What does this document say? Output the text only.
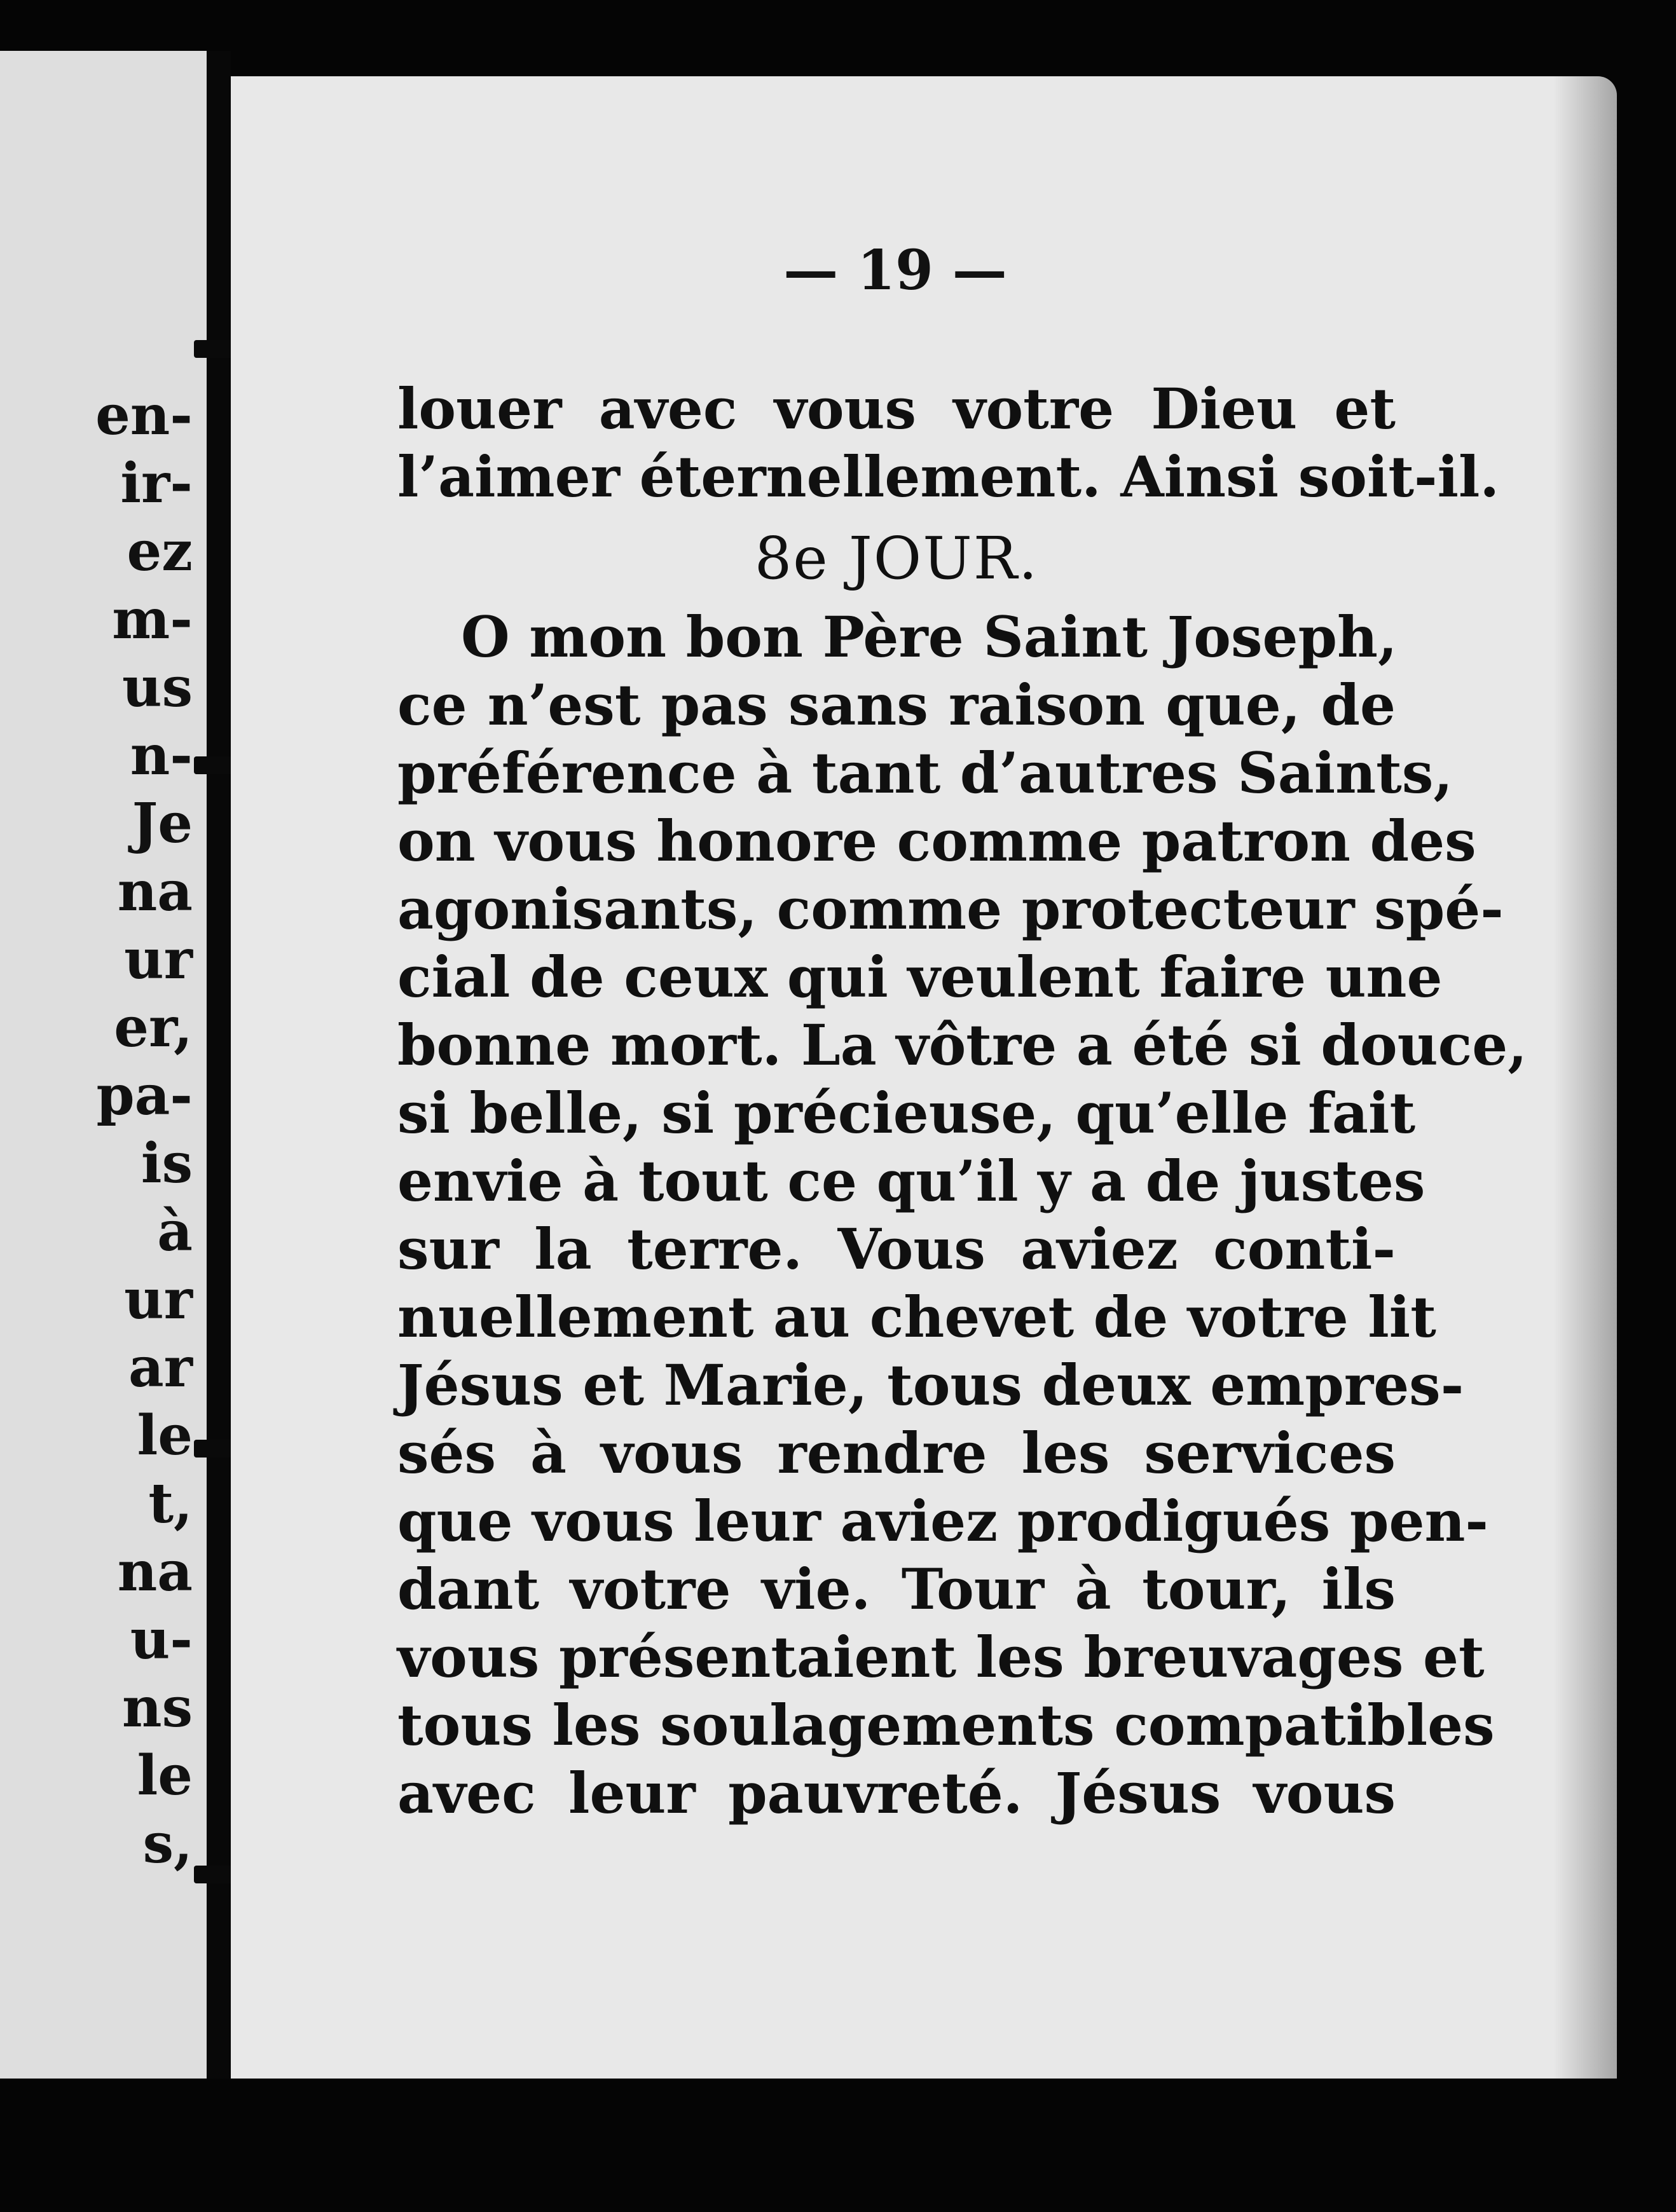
en-
ir-
ez
m-
us
n-
Je
na
ur
er,
pa-
is
à
ur
ar
le
t,
na
u-
ns
le
s,
— 19 —
louer avec vous votre Dieu et
l’aimer éternellement. Ainsi soit-il.
8e JOUR.
O mon bon Père Saint Joseph,
ce n’est pas sans raison que, de
préférence à tant d’autres Saints,
on vous honore comme patron des
agonisants, comme protecteur spé-
cial de ceux qui veulent faire une
bonne mort. La vôtre a été si douce,
si belle, si précieuse, qu’elle fait
envie à tout ce qu’il y a de justes
sur la terre. Vous aviez conti-
nuellement au chevet de votre lit
Jésus et Marie, tous deux empres-
sés à vous rendre les services
que vous leur aviez prodigués pen-
dant votre vie. Tour à tour, ils
vous présentaient les breuvages et
tous les soulagements compatibles
avec leur pauvreté. Jésus vous
